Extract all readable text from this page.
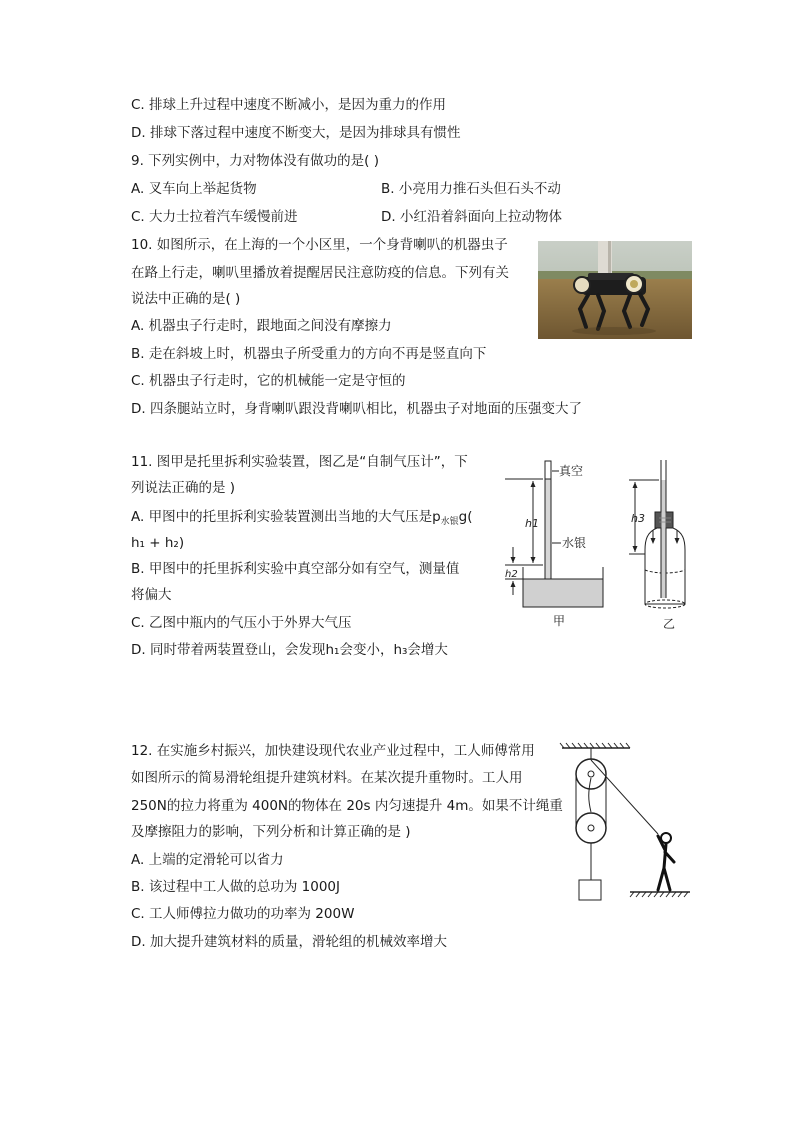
C. 排球上升过程中速度不断减小，是因为重力的作用
D. 排球下落过程中速度不断变大，是因为排球具有惯性
9. 下列实例中，力对物体没有做功的是( )
A. 叉车向上举起货物	B. 小亮用力推石头但石头不动
C. 大力士拉着汽车缓慢前进	D. 小红沿着斜面向上拉动物体
10. 如图所示，在上海的一个小区里，一个身背喇叭的机器虫子
在路上行走，喇叭里播放着提醒居民注意防疫的信息。下列有关
说法中正确的是( )
A. 机器虫子行走时，跟地面之间没有摩擦力
B. 走在斜坡上时，机器虫子所受重力的方向不再是竖直向下
C. 机器虫子行走时，它的机械能一定是守恒的
D. 四条腿站立时，身背喇叭跟没背喇叭相比，机器虫子对地面的压强变大了
11. 图甲是托里拆利实验装置，图乙是“自制气压计”，下
列说法正确的是 )
A. 甲图中的托里拆利实验装置测出当地的大气压是$p_{水银}g$(
h₁ + h₂)
B. 甲图中的托里拆利实验中真空部分如有空气，测量值
将偏大
C. 乙图中瓶内的气压小于外界大气压
D. 同时带着两装置登山，会发现h₁会变小，h₃会增大
真空
水银
h1
h2
甲
h3
乙
12. 在实施乡村振兴，加快建设现代农业产业过程中，工人师傅常用
如图所示的简易滑轮组提升建筑材料。在某次提升重物时。工人用
250N的拉力将重为 400N的物体在 20s 内匀速提升 4m。如果不计绳重
及摩擦阻力的影响，下列分析和计算正确的是 )
A. 上端的定滑轮可以省力
B. 该过程中工人做的总功为 1000J
C. 工人师傅拉力做功的功率为 200W
D. 加大提升建筑材料的质量，滑轮组的机械效率增大
